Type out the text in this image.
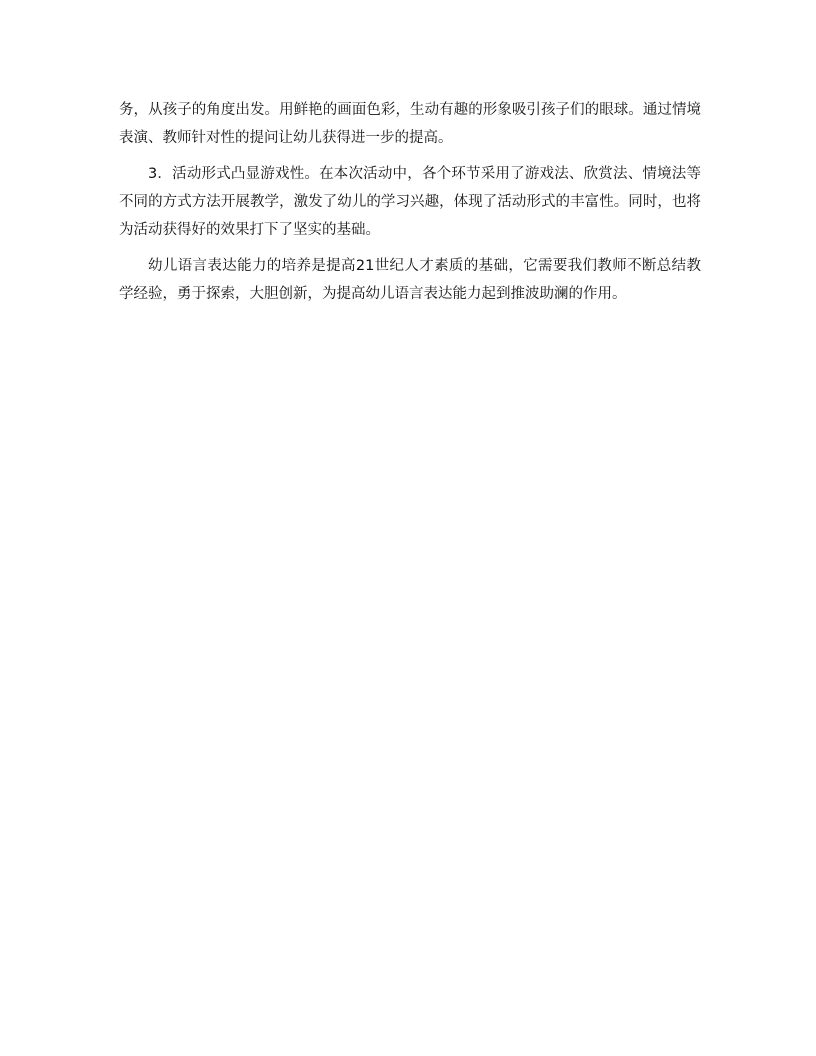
务，从孩子的角度出发。用鲜艳的画面色彩，生动有趣的形象吸引孩子们的眼球。通过情境表演、教师针对性的提问让幼儿获得进一步的提高。

3．活动形式凸显游戏性。在本次活动中，各个环节采用了游戏法、欣赏法、情境法等不同的方式方法开展教学，激发了幼儿的学习兴趣，体现了活动形式的丰富性。同时，也将为活动获得好的效果打下了坚实的基础。

幼儿语言表达能力的培养是提高21世纪人才素质的基础，它需要我们教师不断总结教学经验，勇于探索，大胆创新，为提高幼儿语言表达能力起到推波助澜的作用。
